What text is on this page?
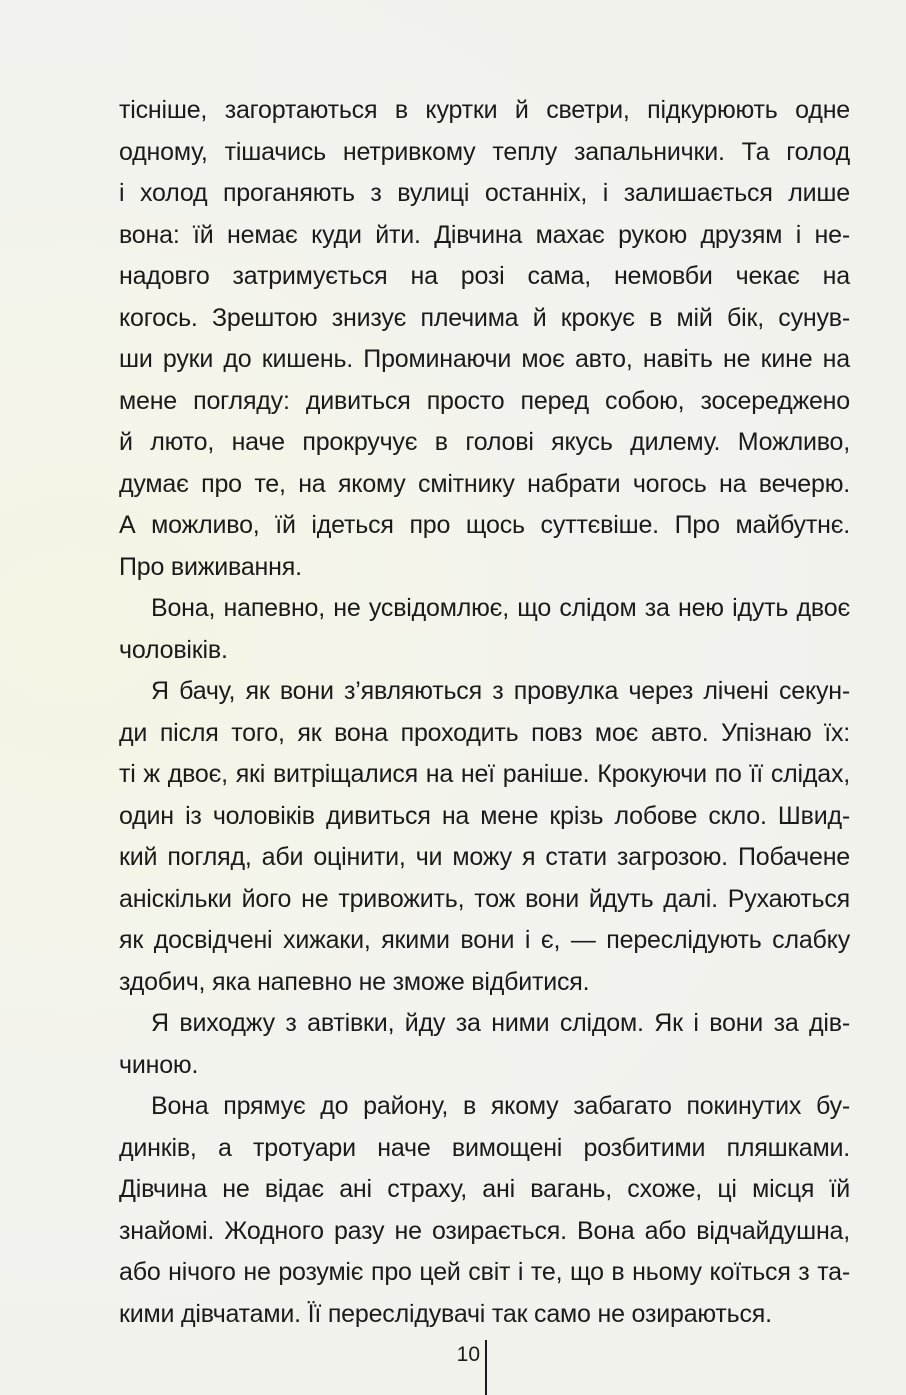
тісніше, загортаються в куртки й светри, підкурюють одне
одному, тішачись нетривкому теплу запальнички. Та голод
і холод проганяють з вулиці останніх, і залишається лише
вона: їй немає куди йти. Дівчина махає рукою друзям і не-
надовго затримується на розі сама, немовби чекає на
когось. Зрештою знизує плечима й крокує в мій бік, сунув-
ши руки до кишень. Проминаючи моє авто, навіть не кине на
мене погляду: дивиться просто перед собою, зосереджено
й люто, наче прокручує в голові якусь дилему. Можливо,
думає про те, на якому смітнику набрати чогось на вечерю.
А можливо, їй ідеться про щось суттєвіше. Про майбутнє.
Про виживання.

Вона, напевно, не усвідомлює, що слідом за нею ідуть двоє
чоловіків.

Я бачу, як вони з’являються з провулка через лічені секун-
ди після того, як вона проходить повз моє авто. Упізнаю їх:
ті ж двоє, які витріщалися на неї раніше. Крокуючи по її слідах,
один із чоловіків дивиться на мене крізь лобове скло. Швид-
кий погляд, аби оцінити, чи можу я стати загрозою. Побачене
аніскільки його не тривожить, тож вони йдуть далі. Рухаються
як досвідчені хижаки, якими вони і є, — переслідують слабку
здобич, яка напевно не зможе відбитися.

Я виходжу з автівки, йду за ними слідом. Як і вони за дів-
чиною.

Вона прямує до району, в якому забагато покинутих бу-
динків, а тротуари наче вимощені розбитими пляшками.
Дівчина не відає ані страху, ані вагань, схоже, ці місця їй
знайомі. Жодного разу не озирається. Вона або відчайдушна,
або нічого не розуміє про цей світ і те, що в ньому коїться з та-
кими дівчатами. Її переслідувачі так само не озираються.

10
